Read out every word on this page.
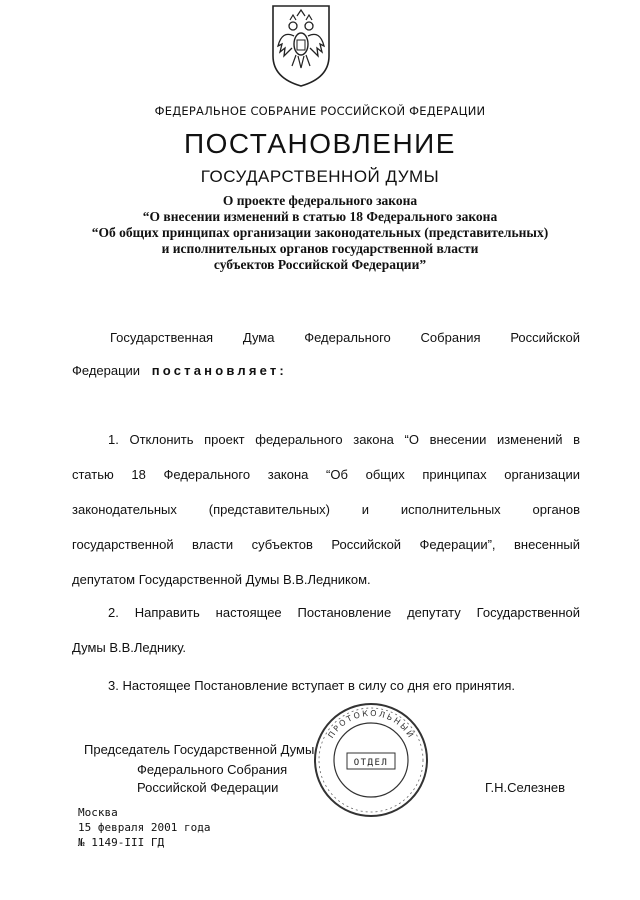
ФЕДЕРАЛЬНОЕ СОБРАНИЕ РОССИЙСКОЙ ФЕДЕРАЦИИ
ПОСТАНОВЛЕНИЕ
ГОСУДАРСТВЕННОЙ ДУМЫ
О проекте федерального закона
“О внесении изменений в статью 18 Федерального закона
“Об общих принципах организации законодательных (представительных)
и исполнительных органов государственной власти
субъектов Российской Федерации”
Государственная Дума Федерального Собрания Российской
Федерации постановляет:
1. Отклонить проект федерального закона “О внесении изменений в
статью 18 Федерального закона “Об общих принципах организации
законодательных (представительных) и исполнительных органов
государственной власти субъектов Российской Федерации”, внесенный
депутатом Государственной Думы В.В.Ледником.
2. Направить настоящее Постановление депутату Государственной
Думы В.В.Леднику.
3. Настоящее Постановление вступает в силу со дня его принятия.
Председатель Государственной Думы
Федерального Собрания
Российской Федерации	Г.Н.Селезнев
Москва
15 февраля 2001 года
№ 1149-III ГД
ПРОТОКОЛЬНЫЙ
ОТДЕЛ
